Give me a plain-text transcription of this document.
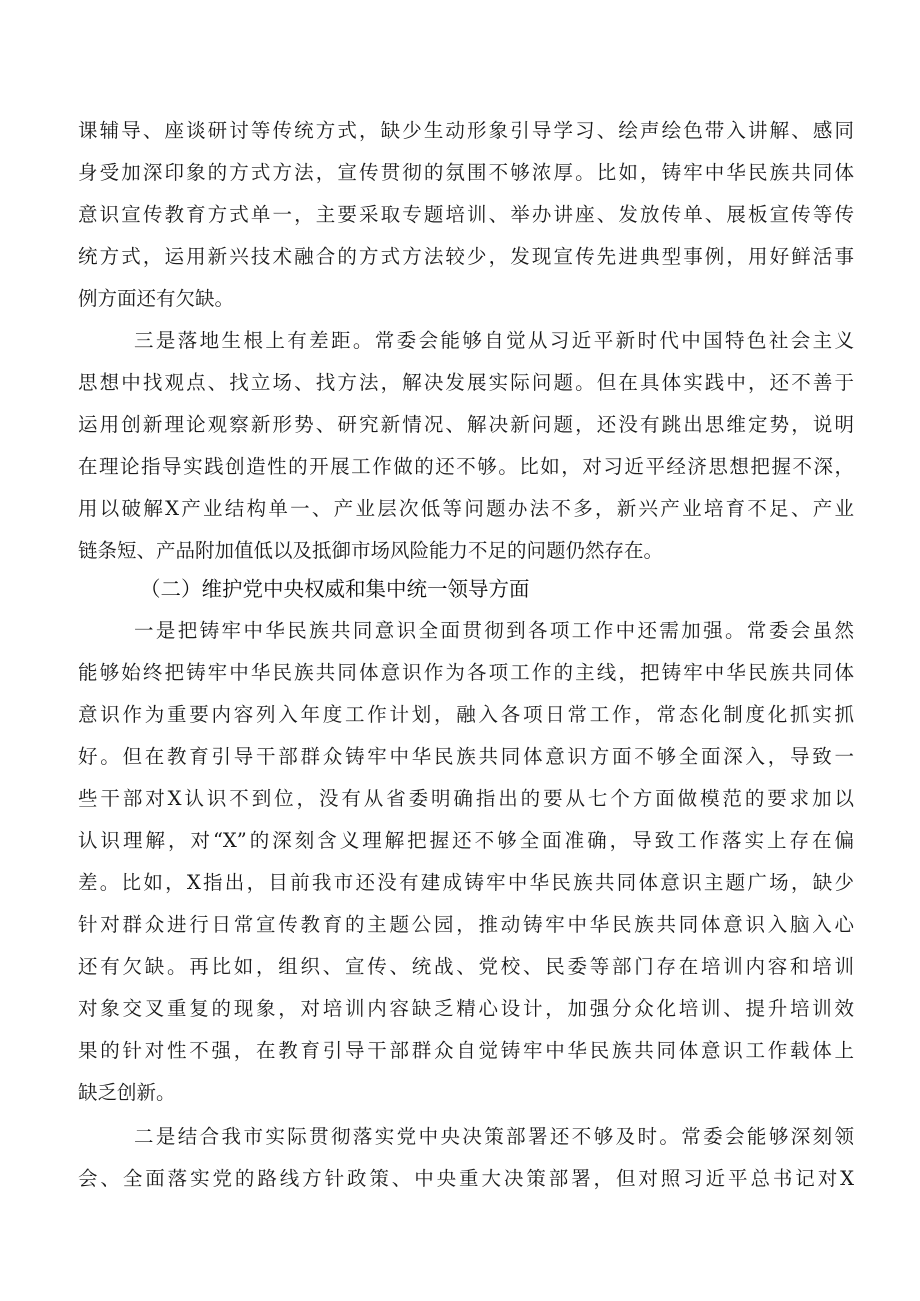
课辅导、座谈研讨等传统方式，缺少生动形象引导学习、绘声绘色带入讲解、感同
身受加深印象的方式方法，宣传贯彻的氛围不够浓厚。比如，铸牢中华民族共同体
意识宣传教育方式单一，主要采取专题培训、举办讲座、发放传单、展板宣传等传
统方式，运用新兴技术融合的方式方法较少，发现宣传先进典型事例，用好鲜活事
例方面还有欠缺。
三是落地生根上有差距。常委会能够自觉从习近平新时代中国特色社会主义
思想中找观点、找立场、找方法，解决发展实际问题。但在具体实践中，还不善于
运用创新理论观察新形势、研究新情况、解决新问题，还没有跳出思维定势，说明
在理论指导实践创造性的开展工作做的还不够。比如，对习近平经济思想把握不深，
用以破解X产业结构单一、产业层次低等问题办法不多，新兴产业培育不足、产业
链条短、产品附加值低以及抵御市场风险能力不足的问题仍然存在。
（二）维护党中央权威和集中统一领导方面
一是把铸牢中华民族共同意识全面贯彻到各项工作中还需加强。常委会虽然
能够始终把铸牢中华民族共同体意识作为各项工作的主线，把铸牢中华民族共同体
意识作为重要内容列入年度工作计划，融入各项日常工作，常态化制度化抓实抓
好。但在教育引导干部群众铸牢中华民族共同体意识方面不够全面深入，导致一
些干部对X认识不到位，没有从省委明确指出的要从七个方面做模范的要求加以
认识理解，对“X”的深刻含义理解把握还不够全面准确，导致工作落实上存在偏
差。比如，X指出，目前我市还没有建成铸牢中华民族共同体意识主题广场，缺少
针对群众进行日常宣传教育的主题公园，推动铸牢中华民族共同体意识入脑入心
还有欠缺。再比如，组织、宣传、统战、党校、民委等部门存在培训内容和培训
对象交叉重复的现象，对培训内容缺乏精心设计，加强分众化培训、提升培训效
果的针对性不强，在教育引导干部群众自觉铸牢中华民族共同体意识工作载体上
缺乏创新。
二是结合我市实际贯彻落实党中央决策部署还不够及时。常委会能够深刻领
会、全面落实党的路线方针政策、中央重大决策部署，但对照习近平总书记对X
